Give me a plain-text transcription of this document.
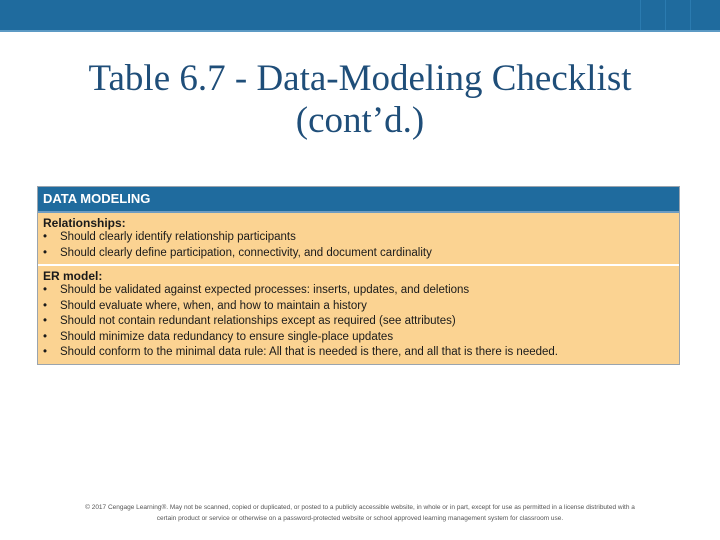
Table 6.7 - Data-Modeling Checklist
(cont’d.)
DATA MODELING
Relationships:
• Should clearly identify relationship participants
• Should clearly define participation, connectivity, and document cardinality
ER model:
• Should be validated against expected processes: inserts, updates, and deletions
• Should evaluate where, when, and how to maintain a history
• Should not contain redundant relationships except as required (see attributes)
• Should minimize data redundancy to ensure single-place updates
• Should conform to the minimal data rule: All that is needed is there, and all that is there is needed.
© 2017 Cengage Learning®. May not be scanned, copied or duplicated, or posted to a publicly accessible website, in whole or in part, except for use as permitted in a license distributed with a
certain product or service or otherwise on a password-protected website or school approved learning management system for classroom use.
